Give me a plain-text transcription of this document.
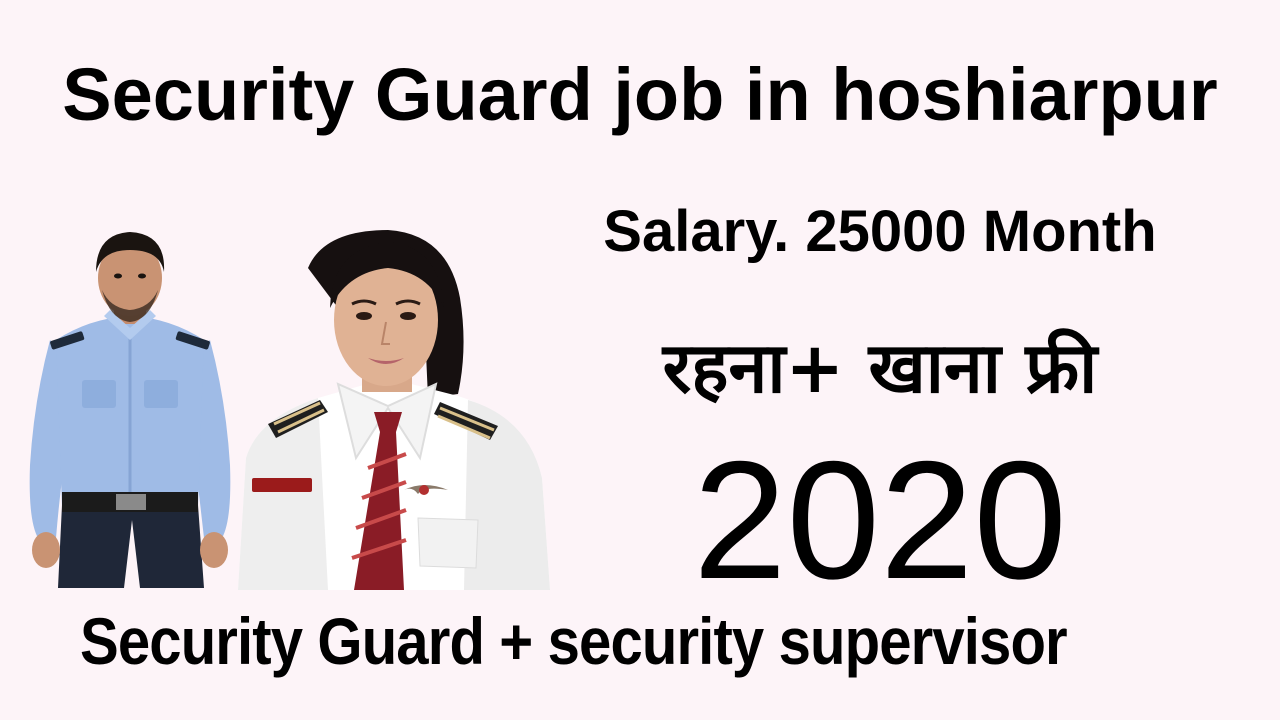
Security Guard job in hoshiarpur
Salary. 25000 Month
रहना+ खाना फ्री
2020
Security Guard + security supervisor
